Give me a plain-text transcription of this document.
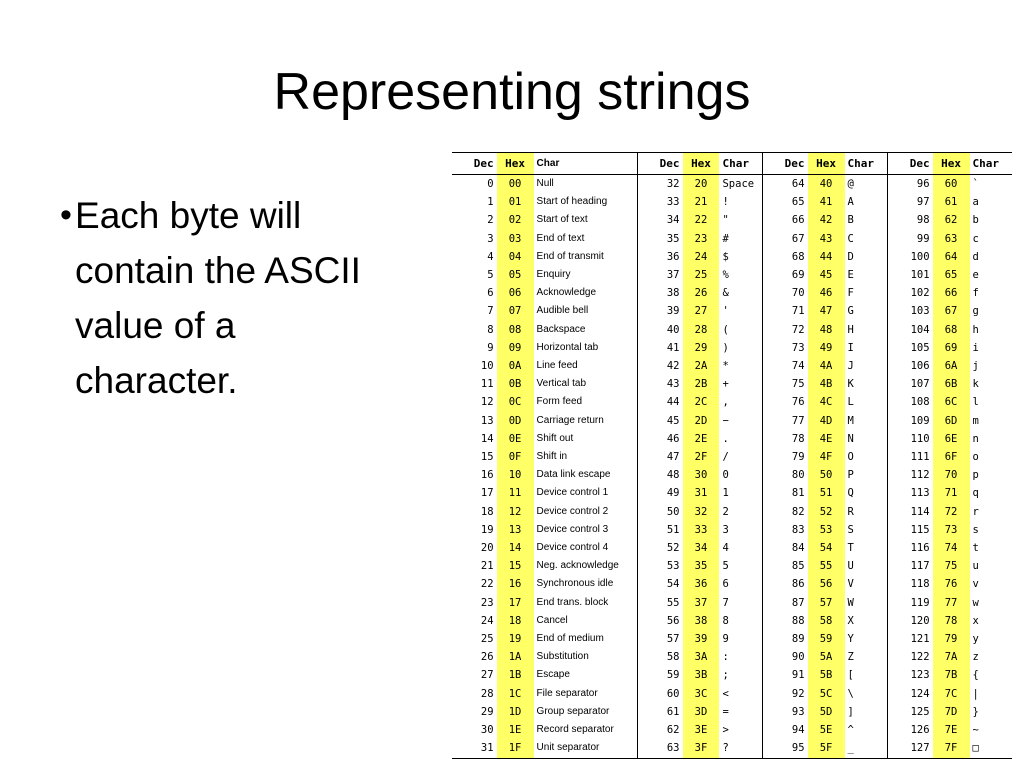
Representing strings
• Each byte will contain the ASCII value of a character.
Dec	Hex	Char	Dec	Hex	Char	Dec	Hex	Char	Dec	Hex	Char
0	00	Null	32	20	Space	64	40	@	96	60	`
1	01	Start of heading	33	21	!	65	41	A	97	61	a
2	02	Start of text	34	22	"	66	42	B	98	62	b
3	03	End of text	35	23	#	67	43	C	99	63	c
4	04	End of transmit	36	24	$	68	44	D	100	64	d
5	05	Enquiry	37	25	%	69	45	E	101	65	e
6	06	Acknowledge	38	26	&	70	46	F	102	66	f
7	07	Audible bell	39	27	'	71	47	G	103	67	g
8	08	Backspace	40	28	(	72	48	H	104	68	h
9	09	Horizontal tab	41	29	)	73	49	I	105	69	i
10	0A	Line feed	42	2A	*	74	4A	J	106	6A	j
11	0B	Vertical tab	43	2B	+	75	4B	K	107	6B	k
12	0C	Form feed	44	2C	,	76	4C	L	108	6C	l
13	0D	Carriage return	45	2D	−	77	4D	M	109	6D	m
14	0E	Shift out	46	2E	.	78	4E	N	110	6E	n
15	0F	Shift in	47	2F	/	79	4F	O	111	6F	o
16	10	Data link escape	48	30	0	80	50	P	112	70	p
17	11	Device control 1	49	31	1	81	51	Q	113	71	q
18	12	Device control 2	50	32	2	82	52	R	114	72	r
19	13	Device control 3	51	33	3	83	53	S	115	73	s
20	14	Device control 4	52	34	4	84	54	T	116	74	t
21	15	Neg. acknowledge	53	35	5	85	55	U	117	75	u
22	16	Synchronous idle	54	36	6	86	56	V	118	76	v
23	17	End trans. block	55	37	7	87	57	W	119	77	w
24	18	Cancel	56	38	8	88	58	X	120	78	x
25	19	End of medium	57	39	9	89	59	Y	121	79	y
26	1A	Substitution	58	3A	:	90	5A	Z	122	7A	z
27	1B	Escape	59	3B	;	91	5B	[	123	7B	{
28	1C	File separator	60	3C	<	92	5C	\	124	7C	|
29	1D	Group separator	61	3D	=	93	5D	]	125	7D	}
30	1E	Record separator	62	3E	>	94	5E	^	126	7E	~
31	1F	Unit separator	63	3F	?	95	5F	_	127	7F	□
